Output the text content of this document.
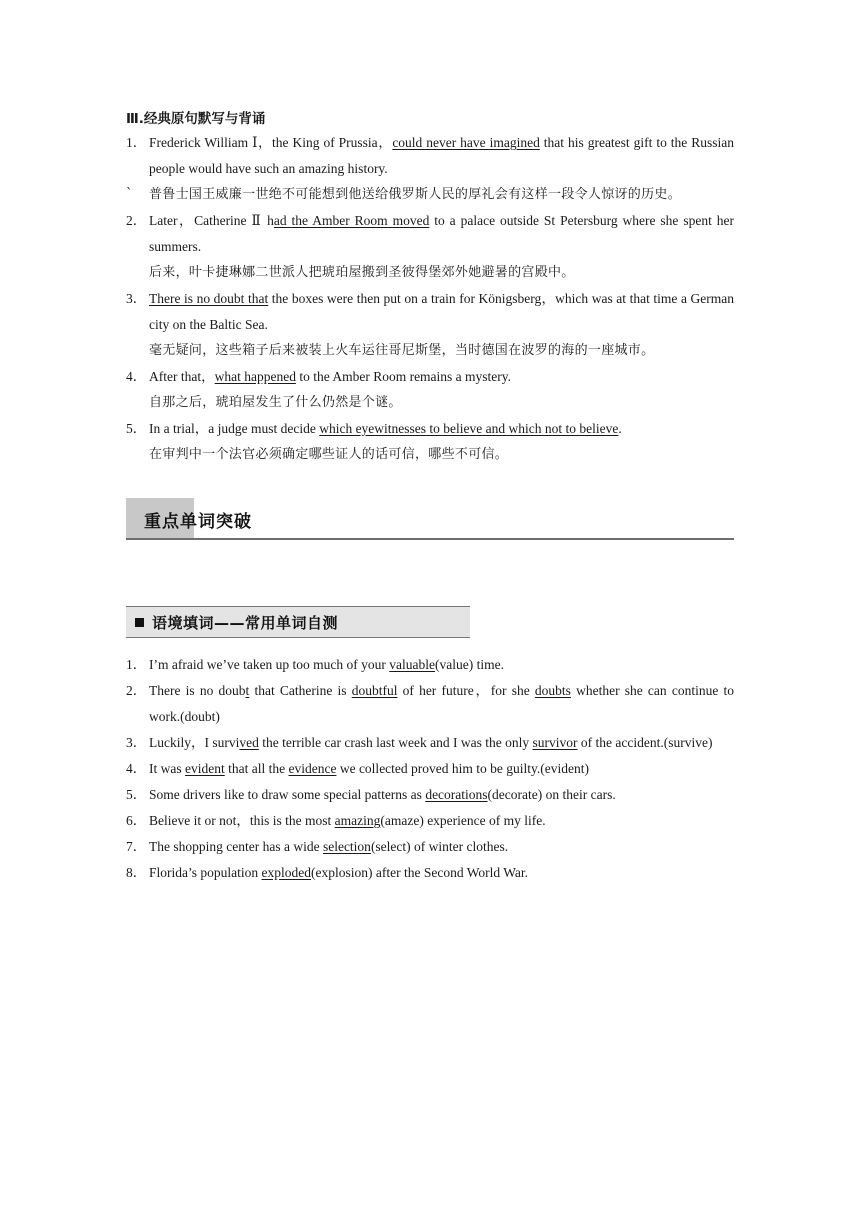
Ⅲ.经典原句默写与背诵

1． Frederick William Ⅰ，the King of Prussia，could never have imagined that his greatest gift to the Russian people would have such an amazing history.
` 普鲁士国王威廉一世绝不可能想到他送给俄罗斯人民的厚礼会有这样一段令人惊讶的历史。
2． Later，Catherine Ⅱ had the Amber Room moved to a palace outside St Petersburg where she spent her summers.
后来，叶卡捷琳娜二世派人把琥珀屋搬到圣彼得堡郊外她避暑的宫殿中。
3． There is no doubt that the boxes were then put on a train for Königsberg，which was at that time a German city on the Baltic Sea.
毫无疑问，这些箱子后来被装上火车运往哥尼斯堡，当时德国在波罗的海的一座城市。
4． After that，what happened to the Amber Room remains a mystery.
自那之后，琥珀屋发生了什么仍然是个谜。
5． In a trial，a judge must decide which eyewitnesses to believe and which not to believe.
在审判中一个法官必须确定哪些证人的话可信，哪些不可信。
重点单词突破
语境填词——常用单词自测
1． I’m afraid we’ve taken up too much of your valuable(value) time.
2． There is no doubt that Catherine is doubtful of her future，for she doubts whether she can continue to work.(doubt)
3． Luckily，I survived the terrible car crash last week and I was the only survivor of the accident.(survive)
4． It was evident that all the evidence we collected proved him to be guilty.(evident)
5． Some drivers like to draw some special patterns as decorations(decorate) on their cars.
6． Believe it or not，this is the most amazing(amaze) experience of my life.
7． The shopping center has a wide selection(select) of winter clothes.
8． Florida’s population exploded(explosion) after the Second World War.
